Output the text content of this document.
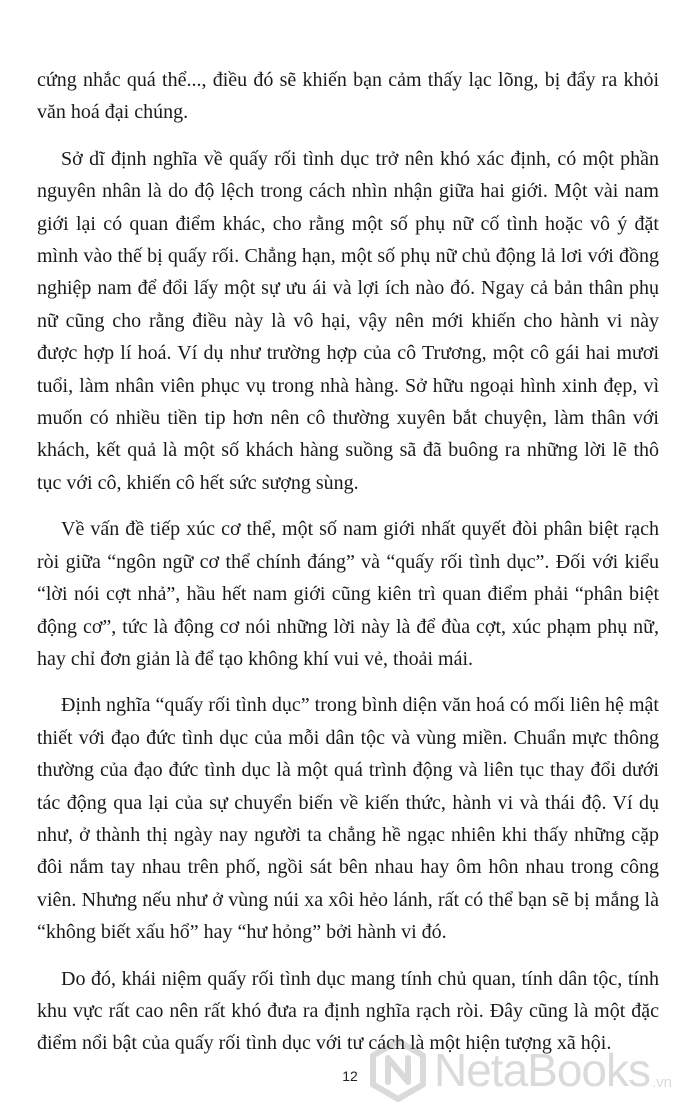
cứng nhắc quá thể..., điều đó sẽ khiến bạn cảm thấy lạc lõng, bị đẩy ra khỏi văn hoá đại chúng.

Sở dĩ định nghĩa về quấy rối tình dục trở nên khó xác định, có một phần nguyên nhân là do độ lệch trong cách nhìn nhận giữa hai giới. Một vài nam giới lại có quan điểm khác, cho rằng một số phụ nữ cố tình hoặc vô ý đặt mình vào thế bị quấy rối. Chẳng hạn, một số phụ nữ chủ động lả lơi với đồng nghiệp nam để đổi lấy một sự ưu ái và lợi ích nào đó. Ngay cả bản thân phụ nữ cũng cho rằng điều này là vô hại, vậy nên mới khiến cho hành vi này được hợp lí hoá. Ví dụ như trường hợp của cô Trương, một cô gái hai mươi tuổi, làm nhân viên phục vụ trong nhà hàng. Sở hữu ngoại hình xinh đẹp, vì muốn có nhiều tiền tip hơn nên cô thường xuyên bắt chuyện, làm thân với khách, kết quả là một số khách hàng suồng sã đã buông ra những lời lẽ thô tục với cô, khiến cô hết sức sượng sùng.

Về vấn đề tiếp xúc cơ thể, một số nam giới nhất quyết đòi phân biệt rạch ròi giữa “ngôn ngữ cơ thể chính đáng” và “quấy rối tình dục”. Đối với kiểu “lời nói cợt nhả”, hầu hết nam giới cũng kiên trì quan điểm phải “phân biệt động cơ”, tức là động cơ nói những lời này là để đùa cợt, xúc phạm phụ nữ, hay chỉ đơn giản là để tạo không khí vui vẻ, thoải mái.

Định nghĩa “quấy rối tình dục” trong bình diện văn hoá có mối liên hệ mật thiết với đạo đức tình dục của mỗi dân tộc và vùng miền. Chuẩn mực thông thường của đạo đức tình dục là một quá trình động và liên tục thay đổi dưới tác động qua lại của sự chuyển biến về kiến thức, hành vi và thái độ. Ví dụ như, ở thành thị ngày nay người ta chẳng hề ngạc nhiên khi thấy những cặp đôi nắm tay nhau trên phố, ngồi sát bên nhau hay ôm hôn nhau trong công viên. Nhưng nếu như ở vùng núi xa xôi hẻo lánh, rất có thể bạn sẽ bị mắng là “không biết xấu hổ” hay “hư hỏng” bởi hành vi đó.

Do đó, khái niệm quấy rối tình dục mang tính chủ quan, tính dân tộc, tính khu vực rất cao nên rất khó đưa ra định nghĩa rạch ròi. Đây cũng là một đặc điểm nổi bật của quấy rối tình dục với tư cách là một hiện tượng xã hội.

12	NetaBooks .vn
